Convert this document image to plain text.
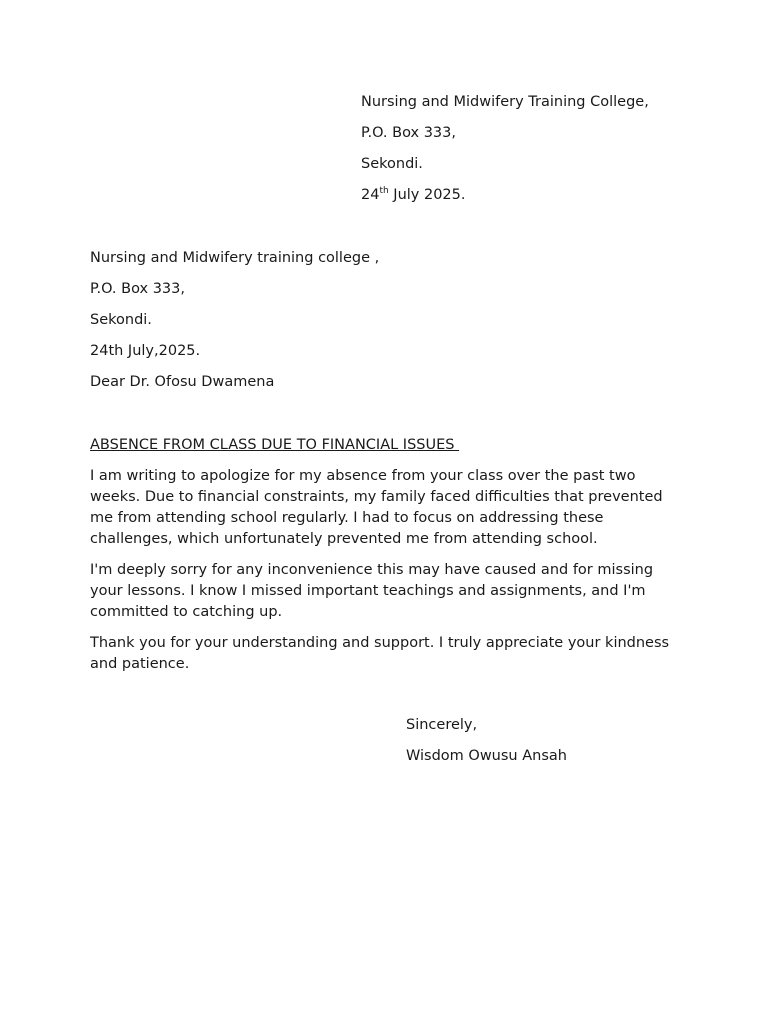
Nursing and Midwifery Training College,
P.O. Box 333,
Sekondi.
24th July 2025.
Nursing and Midwifery training college ,
P.O. Box 333,
Sekondi.
24th July,2025.
Dear Dr. Ofosu Dwamena
ABSENCE FROM CLASS DUE TO FINANCIAL ISSUES

I am writing to apologize for my absence from your class over the past two weeks. Due to financial constraints, my family faced difficulties that prevented me from attending school regularly. I had to focus on addressing these challenges, which unfortunately prevented me from attending school.

I'm deeply sorry for any inconvenience this may have caused and for missing your lessons. I know I missed important teachings and assignments, and I'm committed to catching up.

Thank you for your understanding and support. I truly appreciate your kindness and patience.

Sincerely,
Wisdom Owusu Ansah
